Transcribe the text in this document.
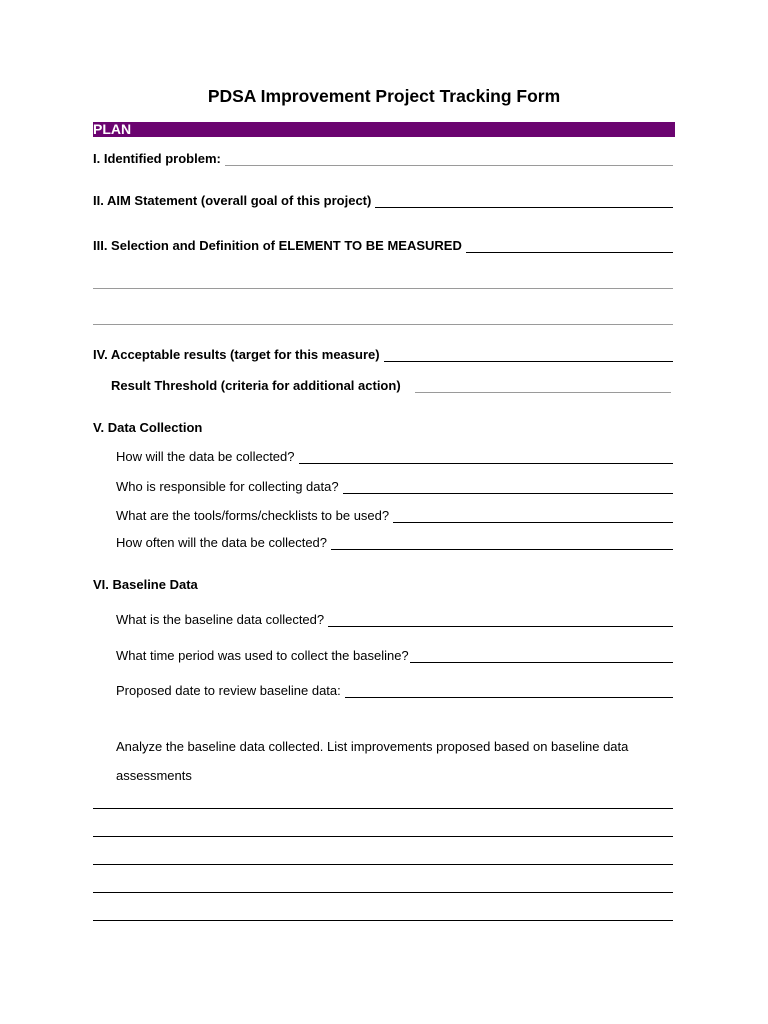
PDSA Improvement Project Tracking Form
PLAN
I. Identified problem:
II. AIM Statement (overall goal of this project)
III. Selection and Definition of ELEMENT TO BE MEASURED
IV. Acceptable results (target for this measure)
Result Threshold (criteria for additional action)
V. Data Collection
How will the data be collected?
Who is responsible for collecting data?
What are the tools/forms/checklists to be used?
How often will the data be collected?
VI. Baseline Data
What is the baseline data collected?
What time period was used to collect the baseline?
Proposed date to review baseline data:
Analyze the baseline data collected. List improvements proposed based on baseline data assessments
